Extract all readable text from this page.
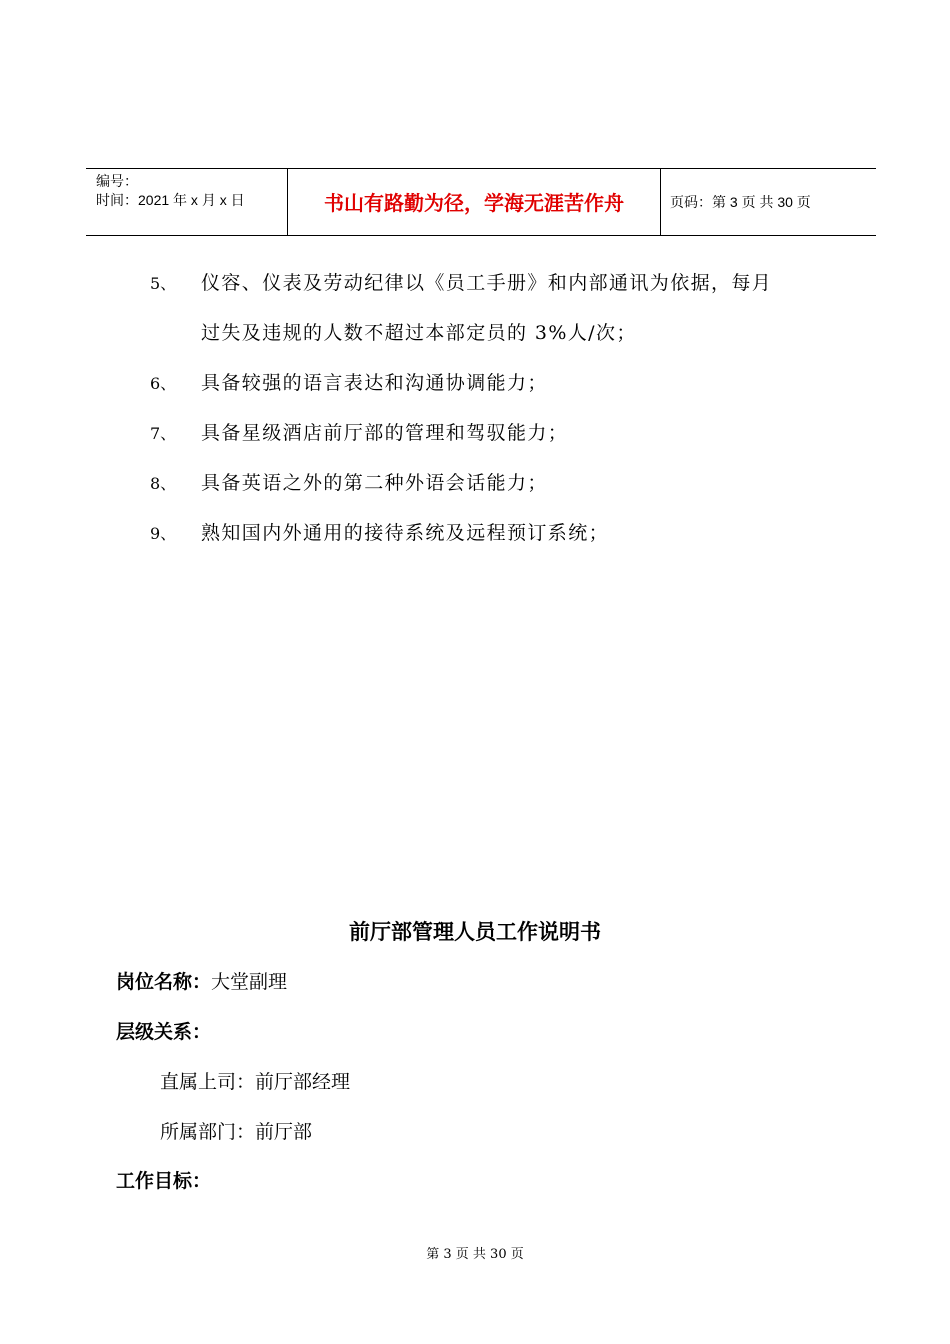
编号：
时间：2021 年 x 月 x 日	书山有路勤为径，学海无涯苦作舟	页码：第 3 页 共 30 页
5、 仪容、仪表及劳动纪律以《员工手册》和内部通讯为依据，每月
过失及违规的人数不超过本部定员的 3%人/次；
6、 具备较强的语言表达和沟通协调能力；
7、 具备星级酒店前厅部的管理和驾驭能力；
8、 具备英语之外的第二种外语会话能力；
9、 熟知国内外通用的接待系统及远程预订系统；
前厅部管理人员工作说明书
岗位名称：大堂副理
层级关系：
直属上司：前厅部经理
所属部门：前厅部
工作目标：
第 3 页 共 30 页
